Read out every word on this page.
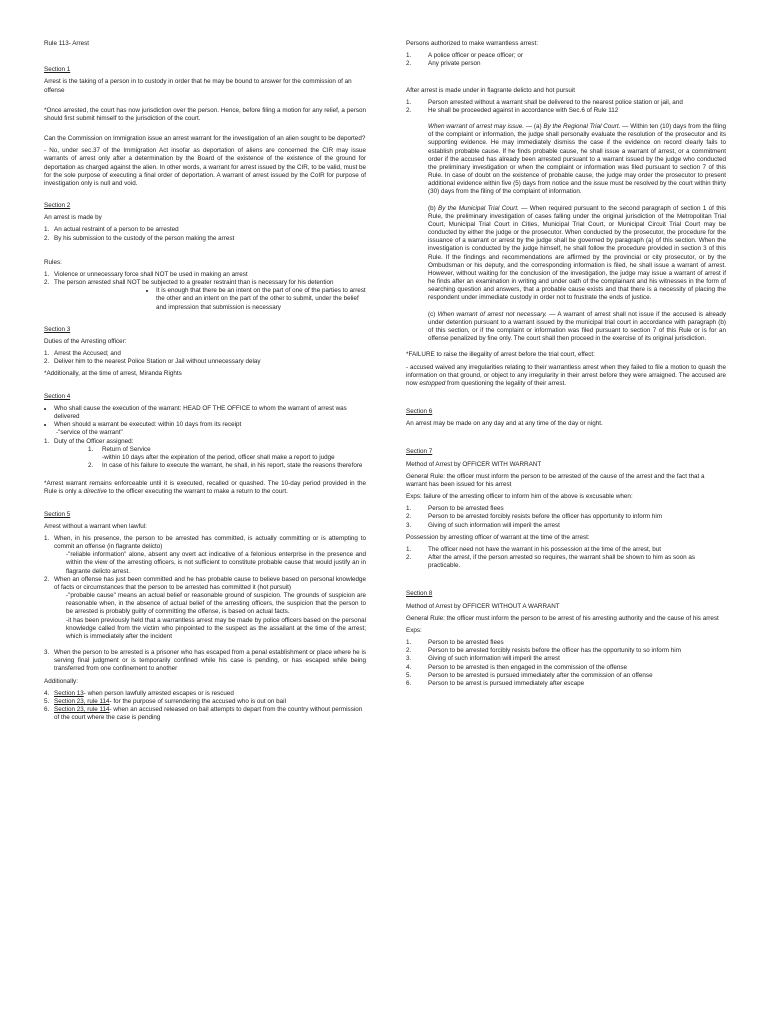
Rule 113- Arrest

Section 1

Arrest is the taking of a person in to custody in order that he may be bound to answer for the commission of an offense

*Once arrested, the court has now jurisdiction over the person. Hence, before filing a motion for any relief, a person should first submit himself to the jurisdiction of the court.

Can the Commission on Immigration issue an arrest warrant for the investigation of an alien sought to be deported?

- No, under sec.37 of the Immigration Act insofar as deportation of aliens are concerned the CIR may issue warrants of arrest only after a determination by the Board of the existence of the existence of the ground for deportation as charged against the alien. In other words, a warrant for arrest issued by the CIR, to be valid, must be for the sole purpose of executing a final order of deportation. A warrant of arrest issued by the CoIR for purpose of investigation only is null and void.

Section 2

An arrest is made by

1. An actual restraint of a person to be arrested
2. By his submission to the custody of the person making the arrest

Rules:

1. Violence or unnecessary force shall NOT be used in making an arrest
2. The person arrested shall NOT be subjected to a greater restraint than is necessary for his detention
• It is enough that there be an intent on the part of one of the parties to arrest the other and an intent on the part of the other to submit, under the belief and impression that submission is necessary

Section 3

Duties of the Arresting officer:

1. Arrest the Accused; and
2. Deliver him to the nearest Police Station or Jail without unnecessary delay

*Additionally, at the time of arrest, Miranda Rights

Section 4

• Who shall cause the execution of the warrant: HEAD OF THE OFFICE to whom the warrant of arrest was delivered
• When should a warrant be executed: within 10 days from its receipt

-"service of the warrant"

1. Duty of the Officer assigned:
1.	Return of Service
-within 10 days after the expiration of the period, officer shall make a report to judge
2.	In case of his failure to execute the warrant, he shall, in his report, state the reasons therefore

*Arrest warrant remains enforceable until it is executed, recalled or quashed. The 10-day period provided in the Rule is only a directive to the officer executing the warrant to make a return to the court.

Section 5

Arrest without a warrant when lawful:

1. When, in his presence, the person to be arrested has committed, is actually committing or is attempting to commit an offense (in flagrante delicto)

-"reliable information" alone, absent any overt act indicative of a felonious enterprise in the presence and within the view of the arresting officers, is not sufficient to constitute probable cause that would justify an in flagrante delicto arrest.
2. When an offense has just been committed and he has probable cause to believe based on personal knowledge of facts or circumstances that the person to be arrested has committed it (hot pursuit)
-"probable cause" means an actual belief or reasonable ground of suspicion. The grounds of suspicion are reasonable when, in the absence of actual belief of the arresting officers, the suspicion that the person to be arrested is probably guilty of committing the offense, is based on actual facts.
-it has been previously held that a warrantless arrest may be made by police officers based on the personal knowledge called from the victim who pinpointed to the suspect as the assailant at the time of the arrest; which is immediately after the incident
3. When the person to be arrested is a prisoner who has escaped from a penal establishment or place where he is serving final judgment or is temporarily confined while his case is pending, or has escaped while being transferred from one confinement to another

Additionally:

4. Section 13- when person lawfully arrested escapes or is rescued
5. Section 23, rule 114- for the purpose of surrendering the accused who is out on bail
6. Section 23, rule 114- when an accused released on bail attempts to depart from the country without permission of the court where the case is pending

Persons authorized to make warrantless arrest:

1.	A police officer or peace officer; or
2.	Any private person

After arrest is made under in flagrante delicto and hot pursuit

1.	Person arrested without a warrant shall be delivered to the nearest police station or jail, and
2.	He shall be proceeded against in accordance with Sec.6 of Rule 112

When warrant of arrest may issue. — (a) By the Regional Trial Court. — Within ten (10) days from the filing of the complaint or information, the judge shall personally evaluate the resolution of the prosecutor and its supporting evidence. He may immediately dismiss the case if the evidence on record clearly fails to establish probable cause. If he finds probable cause, he shall issue a warrant of arrest, or a commitment order if the accused has already been arrested pursuant to a warrant issued by the judge who conducted the preliminary investigation or when the complaint or information was filed pursuant to section 7 of this Rule. In case of doubt on the existence of probable cause, the judge may order the prosecutor to present additional evidence within five (5) days from notice and the issue must be resolved by the court within thirty (30) days from the filing of the complaint of information.

(b) By the Municipal Trial Court. — When required pursuant to the second paragraph of section 1 of this Rule, the preliminary investigation of cases falling under the original jurisdiction of the Metropolitan Trial Court, Municipal Trial Court in Cities, Municipal Trial Court, or Municipal Circuit Trial Court may be conducted by either the judge or the prosecutor. When conducted by the prosecutor, the procedure for the issuance of a warrant or arrest by the judge shall be governed by paragraph (a) of this section. When the investigation is conducted by the judge himself, he shall follow the procedure provided in section 3 of this Rule. If the findings and recommendations are affirmed by the provincial or city prosecutor, or by the Ombudsman or his deputy, and the corresponding information is filed, he shall issue a warrant of arrest. However, without waiting for the conclusion of the investigation, the judge may issue a warrant of arrest if he finds after an examination in writing and under oath of the complainant and his witnesses in the form of searching question and answers, that a probable cause exists and that there is a necessity of placing the respondent under immediate custody in order not to frustrate the ends of justice.

(c) When warrant of arrest not necessary. — A warrant of arrest shall not issue if the accused is already under detention pursuant to a warrant issued by the municipal trial court in accordance with paragraph (b) of this section, or if the complaint or information was filed pursuant to section 7 of this Rule or is for an offense penalized by fine only. The court shall then proceed in the exercise of its original jurisdiction.

*FAILURE to raise the illegality of arrest before the trial court, effect:

- accused waived any irregularities relating to their warrantless arrest when they failed to file a motion to quash the information on that ground, or object to any irregularity in their arrest before they were arraigned. The accused are now estopped from questioning the legality of their arrest.

Section 6

An arrest may be made on any day and at any time of the day or night.

Section 7

Method of Arrest by OFFICER WITH WARRANT

General Rule: the officer must inform the person to be arrested of the cause of the arrest and the fact that a warrant has been issued for his arrest

Exps: failure of the arresting officer to inform him of the above is excusable when:

1.	Person to be arrested flees
2.	Person to be arrested forcibly resists before the officer has opportunity to inform him
3.	Giving of such information will imperil the arrest

Possession by arresting officer of warrant at the time of the arrest:

1.	The officer need not have the warrant in his possession at the time of the arrest, but
2.	After the arrest, if the person arrested so requires, the warrant shall be shown to him as soon as practicable.

Section 8

Method of Arrest by OFFICER WITHOUT A WARRANT

General Rule: the officer must inform the person to be arrest of his arresting authority and the cause of his arrest

Exps:

1.	Person to be arrested flees
2.	Person to be arrested forcibly resists before the officer has the opportunity to so inform him
3.	Giving of such information will imperil the arrest
4.	Person to be arrested is then engaged in the commission of the offense
5.	Person to be arrested is pursued immediately after the commission of an offense
6.	Person to be arrest is pursued immediately after escape
